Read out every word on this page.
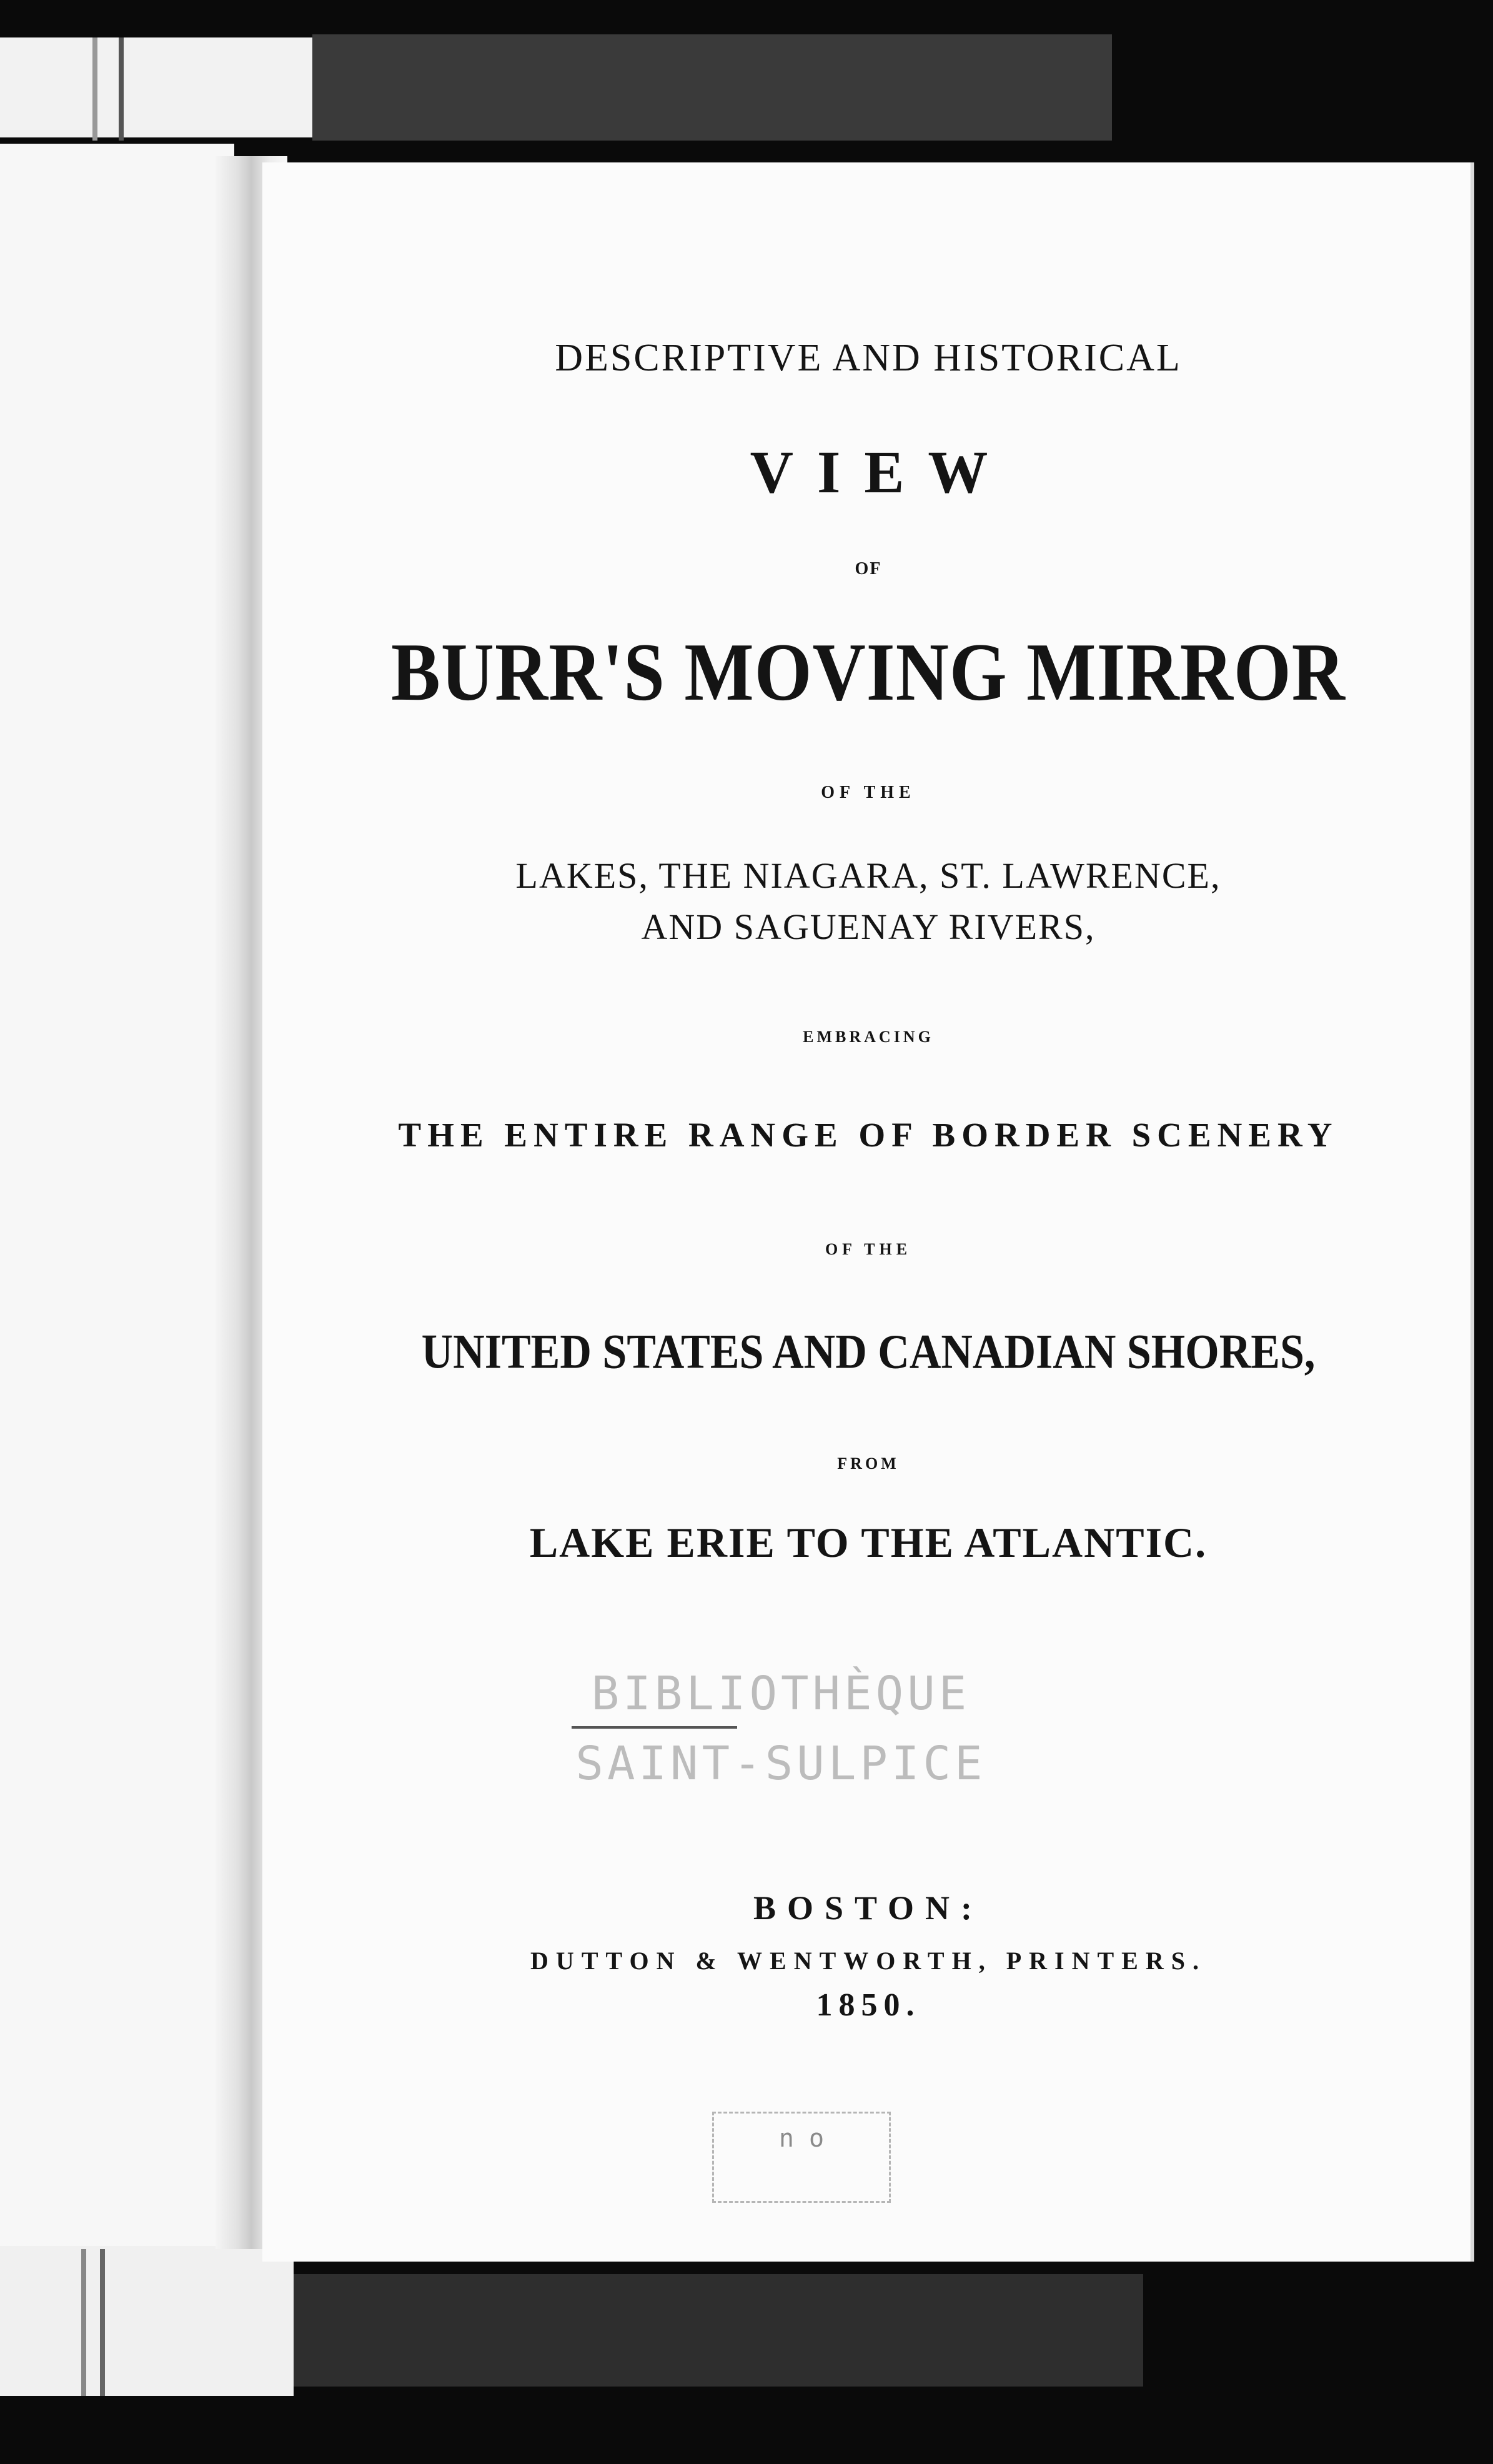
DESCRIPTIVE AND HISTORICAL
VIEW
OF
BURR'S MOVING MIRROR
OF THE
LAKES, THE NIAGARA, ST. LAWRENCE,
AND SAGUENAY RIVERS,
EMBRACING
THE ENTIRE RANGE OF BORDER SCENERY
OF THE
UNITED STATES AND CANADIAN SHORES,
FROM
LAKE ERIE TO THE ATLANTIC.
BIBLIOTHÈQUE
SAINT-SULPICE
BOSTON:
DUTTON & WENTWORTH, PRINTERS.
1850.
n o
